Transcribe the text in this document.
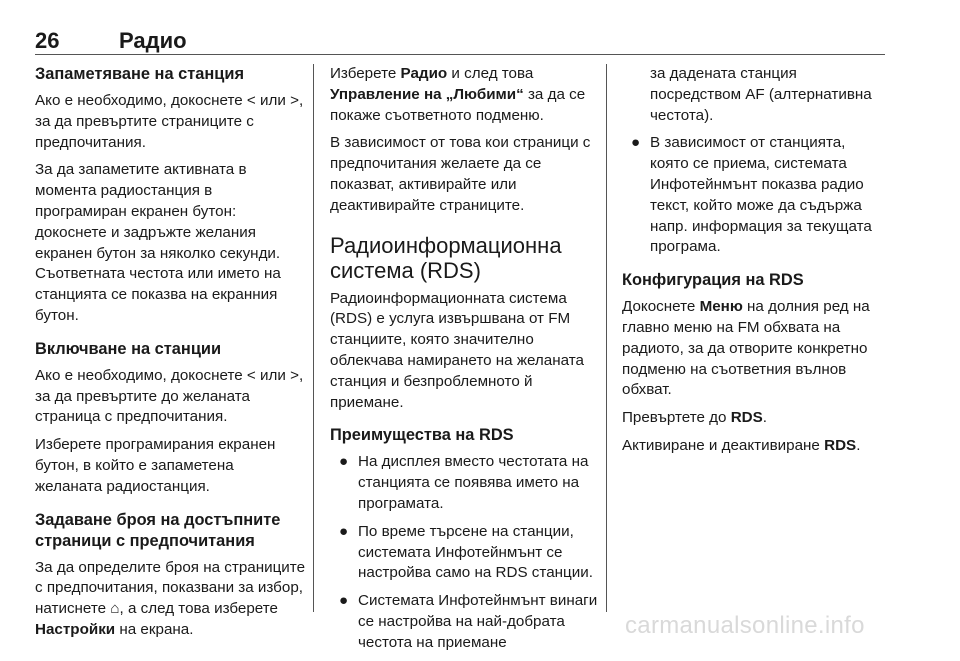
26	Радио
Запаметяване на станция

Ако е необходимо, докоснете < или >, за да превъртите страниците с предпочитания.

За да запаметите активната в момента радиостанция в програмиран екранен бутон: докоснете и задръжте желания екранен бутон за няколко секунди. Съответната честота или името на станцията се показва на екранния бутон.

Включване на станции

Ако е необходимо, докоснете < или >, за да превъртите до желаната страница с предпочитания.

Изберете програмирания екранен бутон, в който е запаметена желаната радиостанция.

Задаване броя на достъпните страници с предпочитания

За да определите броя на страниците с предпочитания, показвани за избор, натиснете ⌂, а след това изберете Настройки на екрана.

Изберете Радио и след това Управление на „Любими“ за да се покаже съответното подменю.

В зависимост от това кои страници с предпочитания желаете да се показват, активирайте или деактивирайте страниците.

Радиоинформационна система (RDS)

Радиоинформационната система (RDS) е услуга извършвана от FM станциите, която значително облекчава намирането на желаната станция и безпроблемното й приемане.

Преимущества на RDS
● На дисплея вместо честотата на станцията се появява името на програмата.
● По време търсене на станции, системата Инфотейнмънт се настройва само на RDS станции.
● Системата Инфотейнмънт винаги се настройва на най-добрата честота на приемане

за дадената станция посредством AF (алтернативна честота).

● В зависимост от станцията, която се приема, системата Инфотейнмънт показва радио текст, който може да съдържа напр. информация за текущата програма.
Конфигурация на RDS

Докоснете Меню на долния ред на главно меню на FM обхвата на радиото, за да отворите конкретно подменю на съответния вълнов обхват.

Превъртете до RDS.

Активиране и деактивиране RDS.

carmanualsonline.info
